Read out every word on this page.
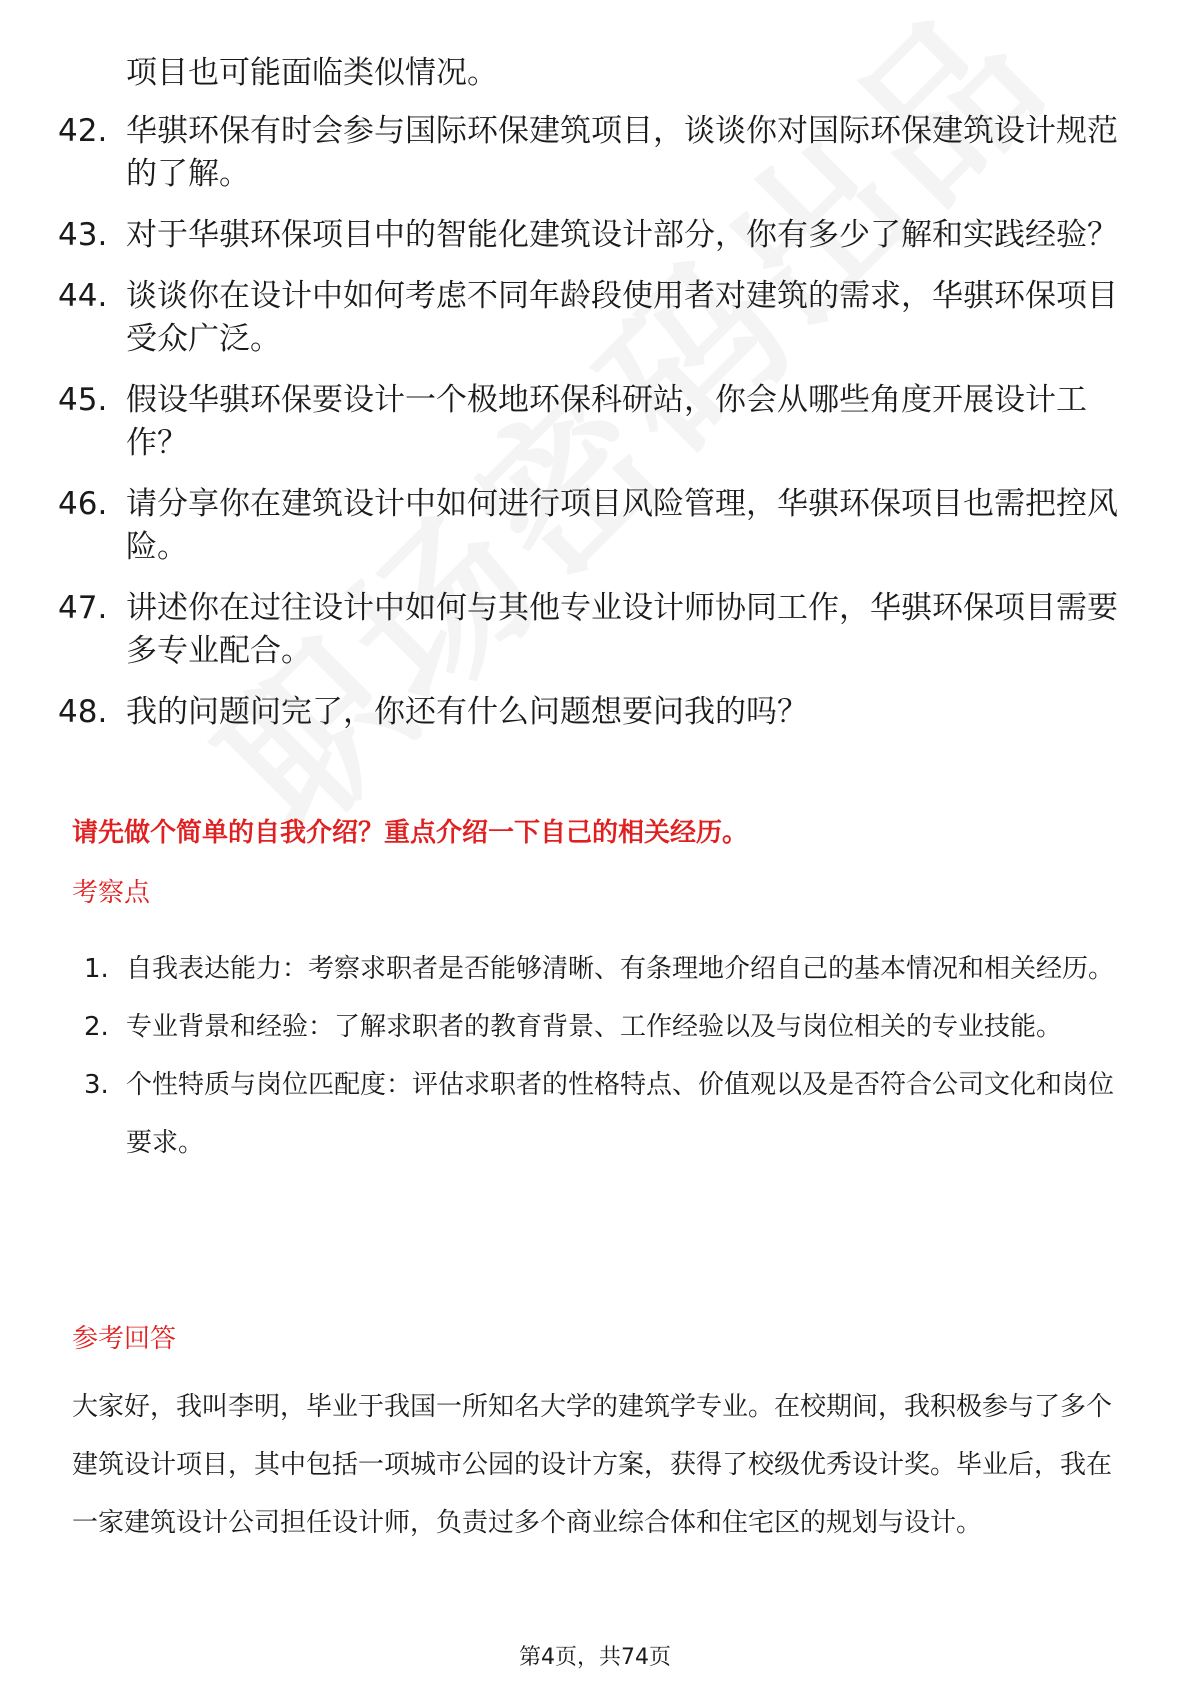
项目也可能面临类似情况。
42. 华骐环保有时会参与国际环保建筑项目，谈谈你对国际环保建筑设计规范的了解。
43. 对于华骐环保项目中的智能化建筑设计部分，你有多少了解和实践经验？
44. 谈谈你在设计中如何考虑不同年龄段使用者对建筑的需求，华骐环保项目受众广泛。
45. 假设华骐环保要设计一个极地环保科研站，你会从哪些角度开展设计工作？
46. 请分享你在建筑设计中如何进行项目风险管理，华骐环保项目也需把控风险。
47. 讲述你在过往设计中如何与其他专业设计师协同工作，华骐环保项目需要多专业配合。
48. 我的问题问完了，你还有什么问题想要问我的吗？
请先做个简单的自我介绍？重点介绍一下自己的相关经历。
考察点
1. 自我表达能力：考察求职者是否能够清晰、有条理地介绍自己的基本情况和相关经历。
2. 专业背景和经验：了解求职者的教育背景、工作经验以及与岗位相关的专业技能。
3. 个性特质与岗位匹配度：评估求职者的性格特点、价值观以及是否符合公司文化和岗位要求。
参考回答
大家好，我叫李明，毕业于我国一所知名大学的建筑学专业。在校期间，我积极参与了多个建筑设计项目，其中包括一项城市公园的设计方案，获得了校级优秀设计奖。毕业后，我在一家建筑设计公司担任设计师，负责过多个商业综合体和住宅区的规划与设计。
第4页，共74页
